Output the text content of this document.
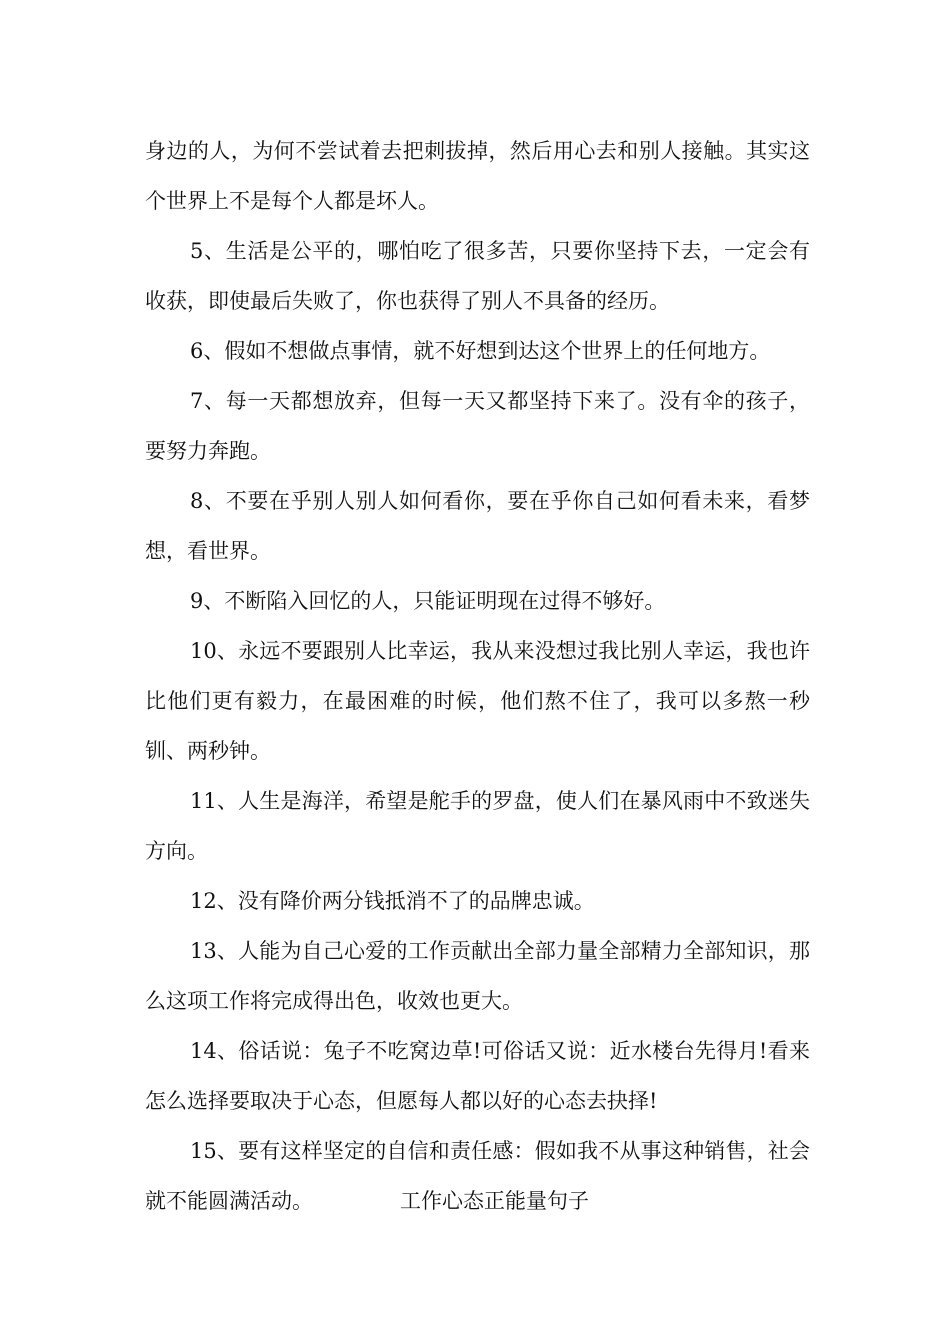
身边的人，为何不尝试着去把刺拔掉，然后用心去和别人接触。其实这个世界上不是每个人都是坏人。

5、生活是公平的，哪怕吃了很多苦，只要你坚持下去，一定会有收获，即使最后失败了，你也获得了别人不具备的经历。

6、假如不想做点事情，就不好想到达这个世界上的任何地方。

7、每一天都想放弃，但每一天又都坚持下来了。没有伞的孩子，要努力奔跑。

8、不要在乎别人别人如何看你，要在乎你自己如何看未来，看梦想，看世界。

9、不断陷入回忆的人，只能证明现在过得不够好。

10、永远不要跟别人比幸运，我从来没想过我比别人幸运，我也许比他们更有毅力，在最困难的时候，他们熬不住了，我可以多熬一秒钏、两秒钟。

11、人生是海洋，希望是舵手的罗盘，使人们在暴风雨中不致迷失方向。

12、没有降价两分钱抵消不了的品牌忠诚。

13、人能为自己心爱的工作贡献出全部力量全部精力全部知识，那么这项工作将完成得出色，收效也更大。

14、俗话说：兔子不吃窝边草!可俗话又说：近水楼台先得月!看来怎么选择要取决于心态，但愿每人都以好的心态去抉择!

15、要有这样坚定的自信和责任感：假如我不从事这种销售，社会就不能圆满活动。	工作心态正能量句子
